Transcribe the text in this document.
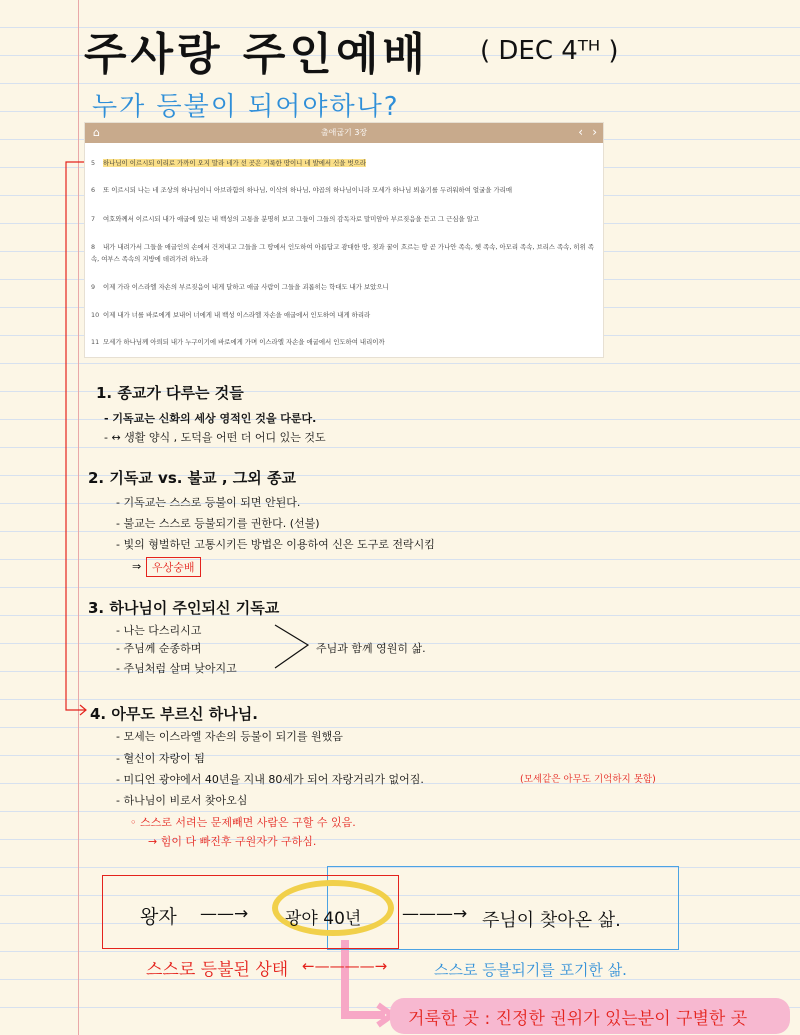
주사랑 주인예배 ( DEC 4ᵀᴴ )
누가 등불이 되어야하나?
⌂	출애굽기 3장	‹ ›
5 하나님이 이르시되 이리로 가까이 오지 말라 네가 선 곳은 거룩한 땅이니 네 발에서 신을 벗으라
6 또 이르시되 나는 네 조상의 하나님이니 아브라함의 하나님, 이삭의 하나님, 야곱의 하나님이니라 모세가 하나님 뵈옵기를 두려워하여 얼굴을 가리매
7 여호와께서 이르시되 내가 애굽에 있는 내 백성의 고통을 분명히 보고 그들이 그들의 감독자로 말미암아 부르짖음을 듣고 그 근심을 알고
8 내가 내려가서 그들을 애굽인의 손에서 건져내고 그들을 그 땅에서 인도하여 아름답고 광대한 땅, 젖과 꿀이 흐르는 땅 곧 가나안 족속, 헷 족속, 아모리 족속, 브리스 족속, 히위 족속, 여부스 족속의 지방에 데려가려 하노라
9 이제 가라 이스라엘 자손의 부르짖음이 내게 달하고 애굽 사람이 그들을 괴롭히는 학대도 내가 보았으니
10 이제 내가 너를 바로에게 보내어 너에게 내 백성 이스라엘 자손을 애굽에서 인도하여 내게 하리라
11 모세가 하나님께 아뢰되 내가 누구이기에 바로에게 가며 이스라엘 자손을 애굽에서 인도하여 내리이까
1. 종교가 다루는 것들
- 기독교는 신화의 세상 영적인 것을 다룬다.
- ↔ 생활 양식 , 도덕을 어떤 더 어디 있는 것도
2. 기독교 vs. 불교 , 그외 종교
- 기독교는 스스로 등불이 되면 안된다.
- 불교는 스스로 등불되기를 권한다. (선불)
- 빛의 형벌하던 고통시키든 방법은 이용하여 신은 도구로 전락시킴
⇒ 우상숭배
3. 하나님이 주인되신 기독교
- 나는 다스리시고
- 주님께 순종하며
- 주님처럼 살며 낮아지고
주님과 함께 영원히 삶.
4. 아무도 부르신 하나님.
- 모세는 이스라엘 자손의 등불이 되기를 원했음
- 혈신이 자랑이 됨
- 미디언 광야에서 40년을 지내 80세가 되어 자랑거리가 없어짐.	(모세같은 아무도 기억하지 못함)
- 하나님이 비로서 찾아오심
◦ 스스로 서려는 문제빼면 사람은 구할 수 있음.
→ 힘이 다 빠진후 구원자가 구하심.
왕자 ——→ 광야 40년 ———→ 주님이 찾아온 삶.
스스로 등불된 상태 ←————→	스스로 등불되기를 포기한 삶.
거룩한 곳 : 진정한 권위가 있는분이 구별한 곳
